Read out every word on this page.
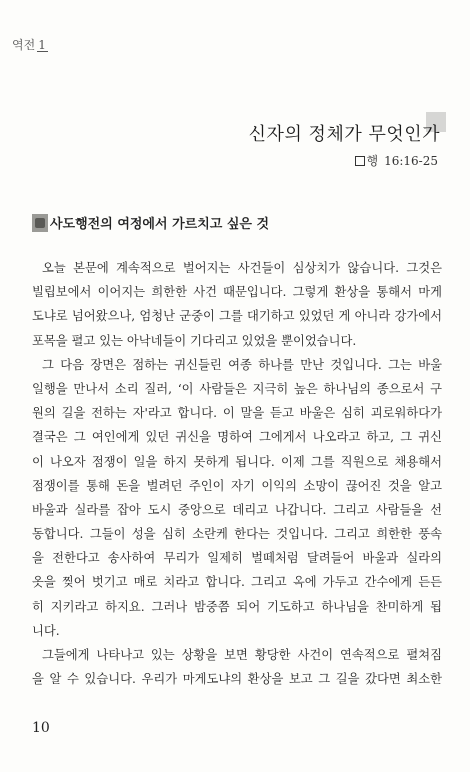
역전 1
신자의 정체가 무엇인가
행 16:16-25
사도행전의 여정에서 가르치고 싶은 것
오늘 본문에 계속적으로 벌어지는 사건들이 심상치가 않습니다. 그것은
빌립보에서 이어지는 희한한 사건 때문입니다. 그렇게 환상을 통해서 마게
도냐로 넘어왔으나, 엄청난 군중이 그를 대기하고 있었던 게 아니라 강가에서
포목을 펼고 있는 아낙네들이 기다리고 있었을 뿐이었습니다.
그 다음 장면은 점하는 귀신들린 여종 하나를 만난 것입니다. 그는 바울
일행을 만나서 소리 질러, ‘이 사람들은 지극히 높은 하나님의 종으로서 구
원의 길을 전하는 자'라고 합니다. 이 말을 듣고 바울은 심히 괴로워하다가
결국은 그 여인에게 있던 귀신을 명하여 그에게서 나오라고 하고, 그 귀신
이 나오자 점쟁이 일을 하지 못하게 됩니다. 이제 그를 직원으로 채용해서
점쟁이를 통해 돈을 벌려던 주인이 자기 이익의 소망이 끊어진 것을 알고
바울과 실라를 잡아 도시 중앙으로 데리고 나갑니다. 그리고 사람들을 선
동합니다. 그들이 성을 심히 소란케 한다는 것입니다. 그리고 희한한 풍속
을 전한다고 송사하여 무리가 일제히 벌떼처럼 달려들어 바울과 실라의
옷을 찢어 벗기고 매로 치라고 합니다. 그리고 옥에 가두고 간수에게 든든
히 지키라고 하지요. 그러나 밤중쯤 되어 기도하고 하나님을 찬미하게 됩
니다.
그들에게 나타나고 있는 상황을 보면 황당한 사건이 연속적으로 펼쳐짐
을 알 수 있습니다. 우리가 마게도냐의 환상을 보고 그 길을 갔다면 최소한
10
